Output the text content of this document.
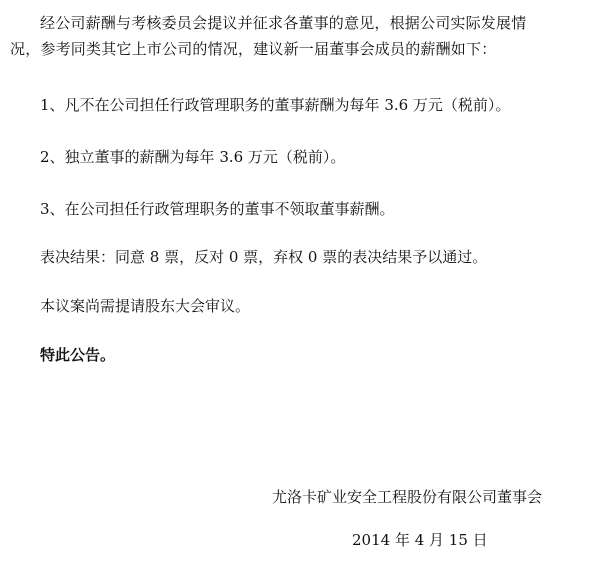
经公司薪酬与考核委员会提议并征求各董事的意见，根据公司实际发展情
况，参考同类其它上市公司的情况，建议新一届董事会成员的薪酬如下：
1、凡不在公司担任行政管理职务的董事薪酬为每年 3.6 万元（税前）。
2、独立董事的薪酬为每年 3.6 万元（税前）。
3、在公司担任行政管理职务的董事不领取董事薪酬。
表决结果：同意 8 票，反对 0 票，弃权 0 票的表决结果予以通过。
本议案尚需提请股东大会审议。
特此公告。
尤洛卡矿业安全工程股份有限公司董事会
2014 年 4 月 15 日
